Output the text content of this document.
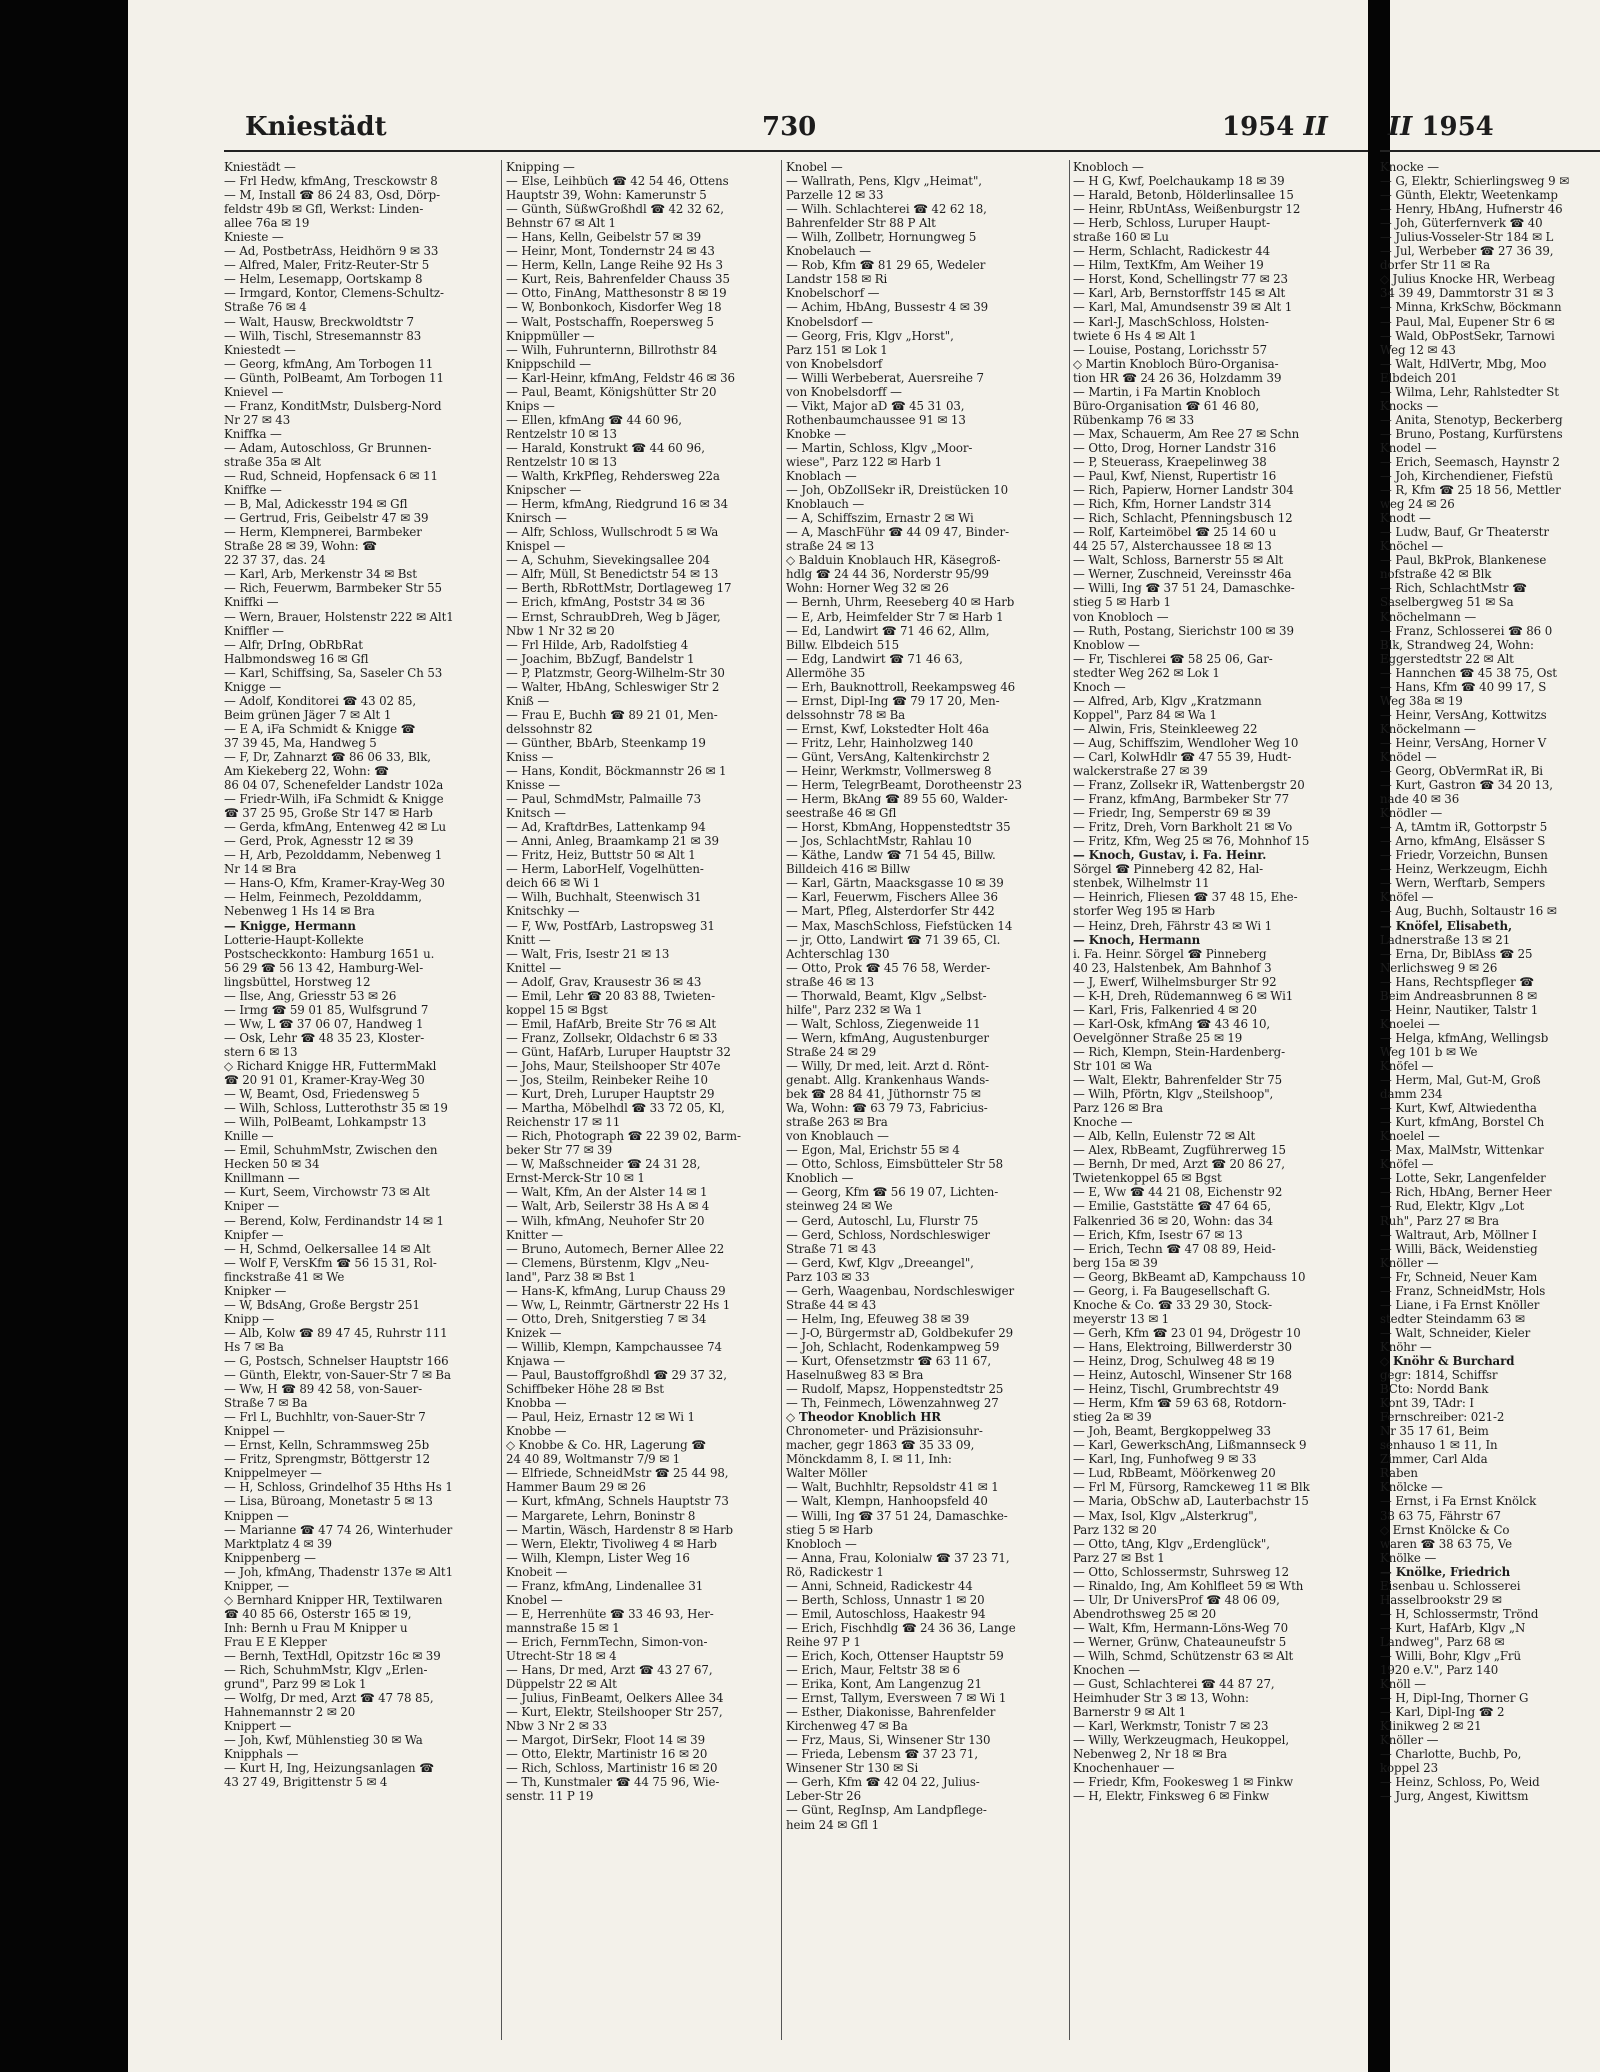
Kniestädt	730	1954 II II 1954
Kniestädt —
— Frl Hedw, kfmAng, Tresckowstr 8
— M, Install ☎ 86 24 83, Osd, Dörp-
feldstr 49b ✉ Gfl, Werkst: Linden-
allee 76a ✉ 19
Knieste —
— Ad, PostbetrAss, Heidhörn 9 ✉ 33
— Alfred, Maler, Fritz-Reuter-Str 5
— Helm, Lesemapp, Oortskamp 8
— Irmgard, Kontor, Clemens-Schultz-
Straße 76 ✉ 4
— Walt, Hausw, Breckwoldtstr 7
— Wilh, Tischl, Stresemannstr 83
Kniestedt —
— Georg, kfmAng, Am Torbogen 11
— Günth, PolBeamt, Am Torbogen 11
Knievel —
— Franz, KonditMstr, Dulsberg-Nord
Nr 27 ✉ 43
Kniffka —
— Adam, Autoschloss, Gr Brunnen-
straße 35a ✉ Alt
— Rud, Schneid, Hopfensack 6 ✉ 11
Kniffke —
— B, Mal, Adickesstr 194 ✉ Gfl
— Gertrud, Fris, Geibelstr 47 ✉ 39
— Herm, Klempnerei, Barmbeker
Straße 28 ✉ 39, Wohn: ☎
22 37 37, das. 24
— Karl, Arb, Merkenstr 34 ✉ Bst
— Rich, Feuerwm, Barmbeker Str 55
Kniffki —
— Wern, Brauer, Holstenstr 222 ✉ Alt1
Kniffler —
— Alfr, DrIng, ObRbRat
Halbmondsweg 16 ✉ Gfl
— Karl, Schiffsing, Sa, Saseler Ch 53
Knigge —
— Adolf, Konditorei ☎ 43 02 85,
Beim grünen Jäger 7 ✉ Alt 1
— E A, iFa Schmidt & Knigge ☎
37 39 45, Ma, Handweg 5
— F, Dr, Zahnarzt ☎ 86 06 33, Blk,
Am Kiekeberg 22, Wohn: ☎
86 04 07, Schenefelder Landstr 102a
— Friedr-Wilh, iFa Schmidt & Knigge
☎ 37 25 95, Große Str 147 ✉ Harb
— Gerda, kfmAng, Entenweg 42 ✉ Lu
— Gerd, Prok, Agnesstr 12 ✉ 39
— H, Arb, Pezolddamm, Nebenweg 1
Nr 14 ✉ Bra
— Hans-O, Kfm, Kramer-Kray-Weg 30
— Helm, Feinmech, Pezolddamm,
Nebenweg 1 Hs 14 ✉ Bra
— Knigge, Hermann
Lotterie-Haupt-Kollekte
Postscheckkonto: Hamburg 1651 u.
56 29 ☎ 56 13 42, Hamburg-Wel-
lingsbüttel, Horstweg 12
— Ilse, Ang, Griesstr 53 ✉ 26
— Irmg ☎ 59 01 85, Wulfsgrund 7
— Ww, L ☎ 37 06 07, Handweg 1
— Osk, Lehr ☎ 48 35 23, Kloster-
stern 6 ✉ 13
◇ Richard Knigge HR, FuttermMakl
☎ 20 91 01, Kramer-Kray-Weg 30
— W, Beamt, Osd, Friedensweg 5
— Wilh, Schloss, Lutterothstr 35 ✉ 19
— Wilh, PolBeamt, Lohkampstr 13
Knille —
— Emil, SchuhmMstr, Zwischen den
Hecken 50 ✉ 34
Knillmann —
— Kurt, Seem, Virchowstr 73 ✉ Alt
Kniper —
— Berend, Kolw, Ferdinandstr 14 ✉ 1
Knipfer —
— H, Schmd, Oelkersallee 14 ✉ Alt
— Wolf F, VersKfm ☎ 56 15 31, Rol-
finckstraße 41 ✉ We
Knipker —
— W, BdsAng, Große Bergstr 251
Knipp —
— Alb, Kolw ☎ 89 47 45, Ruhrstr 111
Hs 7 ✉ Ba
— G, Postsch, Schnelser Hauptstr 166
— Günth, Elektr, von-Sauer-Str 7 ✉ Ba
— Ww, H ☎ 89 42 58, von-Sauer-
Straße 7 ✉ Ba
— Frl L, Buchhltr, von-Sauer-Str 7
Knippel —
— Ernst, Kelln, Schrammsweg 25b
— Fritz, Sprengmstr, Böttgerstr 12
Knippelmeyer —
— H, Schloss, Grindelhof 35 Hths Hs 1
— Lisa, Büroang, Monetastr 5 ✉ 13
Knippen —
— Marianne ☎ 47 74 26, Winterhuder
Marktplatz 4 ✉ 39
Knippenberg —
— Joh, kfmAng, Thadenstr 137e ✉ Alt1
Knipper, —
◇ Bernhard Knipper HR, Textilwaren
☎ 40 85 66, Osterstr 165 ✉ 19,
Inh: Bernh u Frau M Knipper u
Frau E E Klepper
— Bernh, TextHdl, Opitzstr 16c ✉ 39
— Rich, SchuhmMstr, Klgv „Erlen-
grund", Parz 99 ✉ Lok 1
— Wolfg, Dr med, Arzt ☎ 47 78 85,
Hahnemannstr 2 ✉ 20
Knippert —
— Joh, Kwf, Mühlenstieg 30 ✉ Wa
Knipphals —
— Kurt H, Ing, Heizungsanlagen ☎
43 27 49, Brigittenstr 5 ✉ 4
Knipping —
— Else, Leihbüch ☎ 42 54 46, Ottens
Hauptstr 39, Wohn: Kamerunstr 5
— Günth, SüßwGroßhdl ☎ 42 32 62,
Behnstr 67 ✉ Alt 1
— Hans, Kelln, Geibelstr 57 ✉ 39
— Heinr, Mont, Tondernstr 24 ✉ 43
— Herm, Kelln, Lange Reihe 92 Hs 3
— Kurt, Reis, Bahrenfelder Chauss 35
— Otto, FinAng, Matthesonstr 8 ✉ 19
— W, Bonbonkoch, Kisdorfer Weg 18
— Walt, Postschaffn, Roepersweg 5
Knippmüller —
— Wilh, Fuhrunternn, Billrothstr 84
Knippschild —
— Karl-Heinr, kfmAng, Feldstr 46 ✉ 36
— Paul, Beamt, Königshütter Str 20
Knips —
— Ellen, kfmAng ☎ 44 60 96,
Rentzelstr 10 ✉ 13
— Harald, Konstrukt ☎ 44 60 96,
Rentzelstr 10 ✉ 13
— Walth, KrkPfleg, Rehdersweg 22a
Knipscher —
— Herm, kfmAng, Riedgrund 16 ✉ 34
Knirsch —
— Alfr, Schloss, Wullschrodt 5 ✉ Wa
Knispel —
— A, Schuhm, Sievekingsallee 204
— Alfr, Müll, St Benedictstr 54 ✉ 13
— Berth, RbRottMstr, Dortlageweg 17
— Erich, kfmAng, Poststr 34 ✉ 36
— Ernst, SchraubDreh, Weg b Jäger,
Nbw 1 Nr 32 ✉ 20
— Frl Hilde, Arb, Radolfstieg 4
— Joachim, BbZugf, Bandelstr 1
— P, Platzmstr, Georg-Wilhelm-Str 30
— Walter, HbAng, Schleswiger Str 2
Kniß —
— Frau E, Buchh ☎ 89 21 01, Men-
delssohnstr 82
— Günther, BbArb, Steenkamp 19
Kniss —
— Hans, Kondit, Böckmannstr 26 ✉ 1
Knisse —
— Paul, SchmdMstr, Palmaille 73
Knitsch —
— Ad, KraftdrBes, Lattenkamp 94
— Anni, Anleg, Braamkamp 21 ✉ 39
— Fritz, Heiz, Buttstr 50 ✉ Alt 1
— Herm, LaborHelf, Vogelhütten-
deich 66 ✉ Wi 1
— Wilh, Buchhalt, Steenwisch 31
Knitschky —
— F, Ww, PostfArb, Lastropsweg 31
Knitt —
— Walt, Fris, Isestr 21 ✉ 13
Knittel —
— Adolf, Grav, Krausestr 36 ✉ 43
— Emil, Lehr ☎ 20 83 88, Twieten-
koppel 15 ✉ Bgst
— Emil, HafArb, Breite Str 76 ✉ Alt
— Franz, Zollsekr, Oldachstr 6 ✉ 33
— Günt, HafArb, Luruper Hauptstr 32
— Johs, Maur, Steilshooper Str 407e
— Jos, Steilm, Reinbeker Reihe 10
— Kurt, Dreh, Luruper Hauptstr 29
— Martha, Möbelhdl ☎ 33 72 05, Kl,
Reichenstr 17 ✉ 11
— Rich, Photograph ☎ 22 39 02, Barm-
beker Str 77 ✉ 39
— W, Maßschneider ☎ 24 31 28,
Ernst-Merck-Str 10 ✉ 1
— Walt, Kfm, An der Alster 14 ✉ 1
— Walt, Arb, Seilerstr 38 Hs A ✉ 4
— Wilh, kfmAng, Neuhofer Str 20
Knitter —
— Bruno, Automech, Berner Allee 22
— Clemens, Bürstenm, Klgv „Neu-
land", Parz 38 ✉ Bst 1
— Hans-K, kfmAng, Lurup Chauss 29
— Ww, L, Reinmtr, Gärtnerstr 22 Hs 1
— Otto, Dreh, Snitgerstieg 7 ✉ 34
Knizek —
— Willib, Klempn, Kampchaussee 74
Knjawa —
— Paul, Baustoffgroßhdl ☎ 29 37 32,
Schiffbeker Höhe 28 ✉ Bst
Knobba —
— Paul, Heiz, Ernastr 12 ✉ Wi 1
Knobbe —
◇ Knobbe & Co. HR, Lagerung ☎
24 40 89, Woltmanstr 7/9 ✉ 1
— Elfriede, SchneidMstr ☎ 25 44 98,
Hammer Baum 29 ✉ 26
— Kurt, kfmAng, Schnels Hauptstr 73
— Margarete, Lehrn, Boninstr 8
— Martin, Wäsch, Hardenstr 8 ✉ Harb
— Wern, Elektr, Tivoliweg 4 ✉ Harb
— Wilh, Klempn, Lister Weg 16
Knobeit —
— Franz, kfmAng, Lindenallee 31
Knobel —
— E, Herrenhüte ☎ 33 46 93, Her-
mannstraße 15 ✉ 1
— Erich, FernmTechn, Simon-von-
Utrecht-Str 18 ✉ 4
— Hans, Dr med, Arzt ☎ 43 27 67,
Düppelstr 22 ✉ Alt
— Julius, FinBeamt, Oelkers Allee 34
— Kurt, Elektr, Steilshooper Str 257,
Nbw 3 Nr 2 ✉ 33
— Margot, DirSekr, Floot 14 ✉ 39
— Otto, Elektr, Martinistr 16 ✉ 20
— Rich, Schloss, Martinistr 16 ✉ 20
— Th, Kunstmaler ☎ 44 75 96, Wie-
senstr. 11 P 19
Knobel —
— Wallrath, Pens, Klgv „Heimat",
Parzelle 12 ✉ 33
— Wilh. Schlachterei ☎ 42 62 18,
Bahrenfelder Str 88 P Alt
— Wilh, Zollbetr, Hornungweg 5
Knobelauch —
— Rob, Kfm ☎ 81 29 65, Wedeler
Landstr 158 ✉ Ri
Knobelschorf —
— Achim, HbAng, Bussestr 4 ✉ 39
Knobelsdorf —
— Georg, Fris, Klgv „Horst",
Parz 151 ✉ Lok 1
von Knobelsdorf
— Willi Werbeberat, Auersreihe 7
von Knobelsdorff —
— Vikt, Major aD ☎ 45 31 03,
Rothenbaumchaussee 91 ✉ 13
Knobke —
— Martin, Schloss, Klgv „Moor-
wiese", Parz 122 ✉ Harb 1
Knoblach —
— Joh, ObZollSekr iR, Dreistücken 10
Knoblauch —
— A, Schiffszim, Ernastr 2 ✉ Wi
— A, MaschFühr ☎ 44 09 47, Binder-
straße 24 ✉ 13
◇ Balduin Knoblauch HR, Käsegroß-
hdlg ☎ 24 44 36, Norderstr 95/99
Wohn: Horner Weg 32 ✉ 26
— Bernh, Uhrm, Reeseberg 40 ✉ Harb
— E, Arb, Heimfelder Str 7 ✉ Harb 1
— Ed, Landwirt ☎ 71 46 62, Allm,
Billw. Elbdeich 515
— Edg, Landwirt ☎ 71 46 63,
Allermöhe 35
— Erh, Bauknottroll, Reekampsweg 46
— Ernst, Dipl-Ing ☎ 79 17 20, Men-
delssohnstr 78 ✉ Ba
— Ernst, Kwf, Lokstedter Holt 46a
— Fritz, Lehr, Hainholzweg 140
— Günt, VersAng, Kaltenkirchstr 2
— Heinr, Werkmstr, Vollmersweg 8
— Herm, TelegrBeamt, Dorotheenstr 23
— Herm, BkAng ☎ 89 55 60, Walder-
seestraße 46 ✉ Gfl
— Horst, KbmAng, Hoppenstedtstr 35
— Jos, SchlachtMstr, Rahlau 10
— Käthe, Landw ☎ 71 54 45, Billw.
Billdeich 416 ✉ Billw
— Karl, Gärtn, Maacksgasse 10 ✉ 39
— Karl, Feuerwm, Fischers Allee 36
— Mart, Pfleg, Alsterdorfer Str 442
— Max, MaschSchloss, Fiefstücken 14
— jr, Otto, Landwirt ☎ 71 39 65, Cl.
Achterschlag 130
— Otto, Prok ☎ 45 76 58, Werder-
straße 46 ✉ 13
— Thorwald, Beamt, Klgv „Selbst-
hilfe", Parz 232 ✉ Wa 1
— Walt, Schloss, Ziegenweide 11
— Wern, kfmAng, Augustenburger
Straße 24 ✉ 29
— Willy, Dr med, leit. Arzt d. Rönt-
genabt. Allg. Krankenhaus Wands-
bek ☎ 28 84 41, Jüthornstr 75 ✉
Wa, Wohn: ☎ 63 79 73, Fabricius-
straße 263 ✉ Bra
von Knoblauch —
— Egon, Mal, Erichstr 55 ✉ 4
— Otto, Schloss, Eimsbütteler Str 58
Knoblich —
— Georg, Kfm ☎ 56 19 07, Lichten-
steinweg 24 ✉ We
— Gerd, Autoschl, Lu, Flurstr 75
— Gerd, Schloss, Nordschleswiger
Straße 71 ✉ 43
— Gerd, Kwf, Klgv „Dreeangel",
Parz 103 ✉ 33
— Gerh, Waagenbau, Nordschleswiger
Straße 44 ✉ 43
— Helm, Ing, Efeuweg 38 ✉ 39
— J-O, Bürgermstr aD, Goldbekufer 29
— Joh, Schlacht, Rodenkampweg 59
— Kurt, Ofensetzmstr ☎ 63 11 67,
Haselnußweg 83 ✉ Bra
— Rudolf, Mapsz, Hoppenstedtstr 25
— Th, Feinmech, Löwenzahnweg 27
◇ Theodor Knoblich HR
Chronometer- und Präzisionsuhr-
macher, gegr 1863 ☎ 35 33 09,
Mönckdamm 8, I. ✉ 11, Inh:
Walter Möller
— Walt, Buchhltr, Repsoldstr 41 ✉ 1
— Walt, Klempn, Hanhoopsfeld 40
— Willi, Ing ☎ 37 51 24, Damaschke-
stieg 5 ✉ Harb
Knobloch —
— Anna, Frau, Kolonialw ☎ 37 23 71,
Rö, Radickestr 1
— Anni, Schneid, Radickestr 44
— Berth, Schloss, Unnastr 1 ✉ 20
— Emil, Autoschloss, Haakestr 94
— Erich, Fischhdlg ☎ 24 36 36, Lange
Reihe 97 P 1
— Erich, Koch, Ottenser Hauptstr 59
— Erich, Maur, Feltstr 38 ✉ 6
— Erika, Kont, Am Langenzug 21
— Ernst, Tallym, Eversween 7 ✉ Wi 1
— Esther, Diakonisse, Bahrenfelder
Kirchenweg 47 ✉ Ba
— Frz, Maus, Si, Winsener Str 130
— Frieda, Lebensm ☎ 37 23 71,
Winsener Str 130 ✉ Si
— Gerh, Kfm ☎ 42 04 22, Julius-
Leber-Str 26
— Günt, RegInsp, Am Landpflege-
heim 24 ✉ Gfl 1
Knobloch —
— H G, Kwf, Poelchaukamp 18 ✉ 39
— Harald, Betonb, Hölderlinsallee 15
— Heinr, RbUntAss, Weißenburgstr 12
— Herb, Schloss, Luruper Haupt-
straße 160 ✉ Lu
— Herm, Schlacht, Radickestr 44
— Hilm, TextKfm, Am Weiher 19
— Horst, Kond, Schellingstr 77 ✉ 23
— Karl, Arb, Bernstorffstr 145 ✉ Alt
— Karl, Mal, Amundsenstr 39 ✉ Alt 1
— Karl-J, MaschSchloss, Holsten-
twiete 6 Hs 4 ✉ Alt 1
— Louise, Postang, Lorichsstr 57
◇ Martin Knobloch Büro-Organisa-
tion HR ☎ 24 26 36, Holzdamm 39
— Martin, i Fa Martin Knobloch
Büro-Organisation ☎ 61 46 80,
Rübenkamp 76 ✉ 33
— Max, Schauerm, Am Ree 27 ✉ Schn
— Otto, Drog, Horner Landstr 316
— P, Steuerass, Kraepelinweg 38
— Paul, Kwf, Nienst, Rupertistr 16
— Rich, Papierw, Horner Landstr 304
— Rich, Kfm, Horner Landstr 314
— Rich, Schlacht, Pfenningsbusch 12
— Rolf, Karteimöbel ☎ 25 14 60 u
44 25 57, Alsterchaussee 18 ✉ 13
— Walt, Schloss, Barnerstr 55 ✉ Alt
— Werner, Zuschneid, Vereinsstr 46a
— Willi, Ing ☎ 37 51 24, Damaschke-
stieg 5 ✉ Harb 1
von Knobloch —
— Ruth, Postang, Sierichstr 100 ✉ 39
Knoblow —
— Fr, Tischlerei ☎ 58 25 06, Gar-
stedter Weg 262 ✉ Lok 1
Knoch —
— Alfred, Arb, Klgv „Kratzmann
Koppel", Parz 84 ✉ Wa 1
— Alwin, Fris, Steinkleeweg 22
— Aug, Schiffszim, Wendloher Weg 10
— Carl, KolwHdlr ☎ 47 55 39, Hudt-
walckerstraße 27 ✉ 39
— Franz, Zollsekr iR, Wattenbergstr 20
— Franz, kfmAng, Barmbeker Str 77
— Friedr, Ing, Semperstr 69 ✉ 39
— Fritz, Dreh, Vorn Barkholt 21 ✉ Vo
— Fritz, Kfm, Weg 25 ✉ 76, Mohnhof 15
— Knoch, Gustav, i. Fa. Heinr.
Sörgel ☎ Pinneberg 42 82, Hal-
stenbek, Wilhelmstr 11
— Heinrich, Fliesen ☎ 37 48 15, Ehe-
storfer Weg 195 ✉ Harb
— Heinz, Dreh, Fährstr 43 ✉ Wi 1
— Knoch, Hermann
i. Fa. Heinr. Sörgel ☎ Pinneberg
40 23, Halstenbek, Am Bahnhof 3
— J, Ewerf, Wilhelmsburger Str 92
— K-H, Dreh, Rüdemannweg 6 ✉ Wi1
— Karl, Fris, Falkenried 4 ✉ 20
— Karl-Osk, kfmAng ☎ 43 46 10,
Oevelgönner Straße 25 ✉ 19
— Rich, Klempn, Stein-Hardenberg-
Str 101 ✉ Wa
— Walt, Elektr, Bahrenfelder Str 75
— Wilh, Pförtn, Klgv „Steilshoop",
Parz 126 ✉ Bra
Knoche —
— Alb, Kelln, Eulenstr 72 ✉ Alt
— Alex, RbBeamt, Zugführerweg 15
— Bernh, Dr med, Arzt ☎ 20 86 27,
Twietenkoppel 65 ✉ Bgst
— E, Ww ☎ 44 21 08, Eichenstr 92
— Emilie, Gaststätte ☎ 47 64 65,
Falkenried 36 ✉ 20, Wohn: das 34
— Erich, Kfm, Isestr 67 ✉ 13
— Erich, Techn ☎ 47 08 89, Heid-
berg 15a ✉ 39
— Georg, BkBeamt aD, Kampchauss 10
— Georg, i. Fa Baugesellschaft G.
Knoche & Co. ☎ 33 29 30, Stock-
meyerstr 13 ✉ 1
— Gerh, Kfm ☎ 23 01 94, Drögestr 10
— Hans, Elektroing, Billwerderstr 30
— Heinz, Drog, Schulweg 48 ✉ 19
— Heinz, Autoschl, Winsener Str 168
— Heinz, Tischl, Grumbrechtstr 49
— Herm, Kfm ☎ 59 63 68, Rotdorn-
stieg 2a ✉ 39
— Joh, Beamt, Bergkoppelweg 33
— Karl, GewerkschAng, Lißmannseck 9
— Karl, Ing, Funhofweg 9 ✉ 33
— Lud, RbBeamt, Möörkenweg 20
— Frl M, Fürsorg, Ramckeweg 11 ✉ Blk
— Maria, ObSchw aD, Lauterbachstr 15
— Max, Isol, Klgv „Alsterkrug",
Parz 132 ✉ 20
— Otto, tAng, Klgv „Erdenglück",
Parz 27 ✉ Bst 1
— Otto, Schlossermstr, Suhrsweg 12
— Rinaldo, Ing, Am Kohlfleet 59 ✉ Wth
— Ulr, Dr UniversProf ☎ 48 06 09,
Abendrothsweg 25 ✉ 20
— Walt, Kfm, Hermann-Löns-Weg 70
— Werner, Grünw, Chateauneufstr 5
— Wilh, Schmd, Schützenstr 63 ✉ Alt
Knochen —
— Gust, Schlachterei ☎ 44 87 27,
Heimhuder Str 3 ✉ 13, Wohn:
Barnerstr 9 ✉ Alt 1
— Karl, Werkmstr, Tonistr 7 ✉ 23
— Willy, Werkzeugmach, Heukoppel,
Nebenweg 2, Nr 18 ✉ Bra
Knochenhauer —
— Friedr, Kfm, Fookesweg 1 ✉ Finkw
— H, Elektr, Finksweg 6 ✉ Finkw
Knocke —
— G, Elektr, Schierlingsweg 9 ✉
— Günth, Elektr, Weetenkamp
— Henry, HbAng, Hufnerstr 46
— Joh, Güterfernverk ☎ 40
— Julius-Vosseler-Str 184 ✉ L
— Jul, Werbeber ☎ 27 36 39,
dorfer Str 11 ✉ Ra
◇ Julius Knocke HR, Werbeag
34 39 49, Dammtorstr 31 ✉ 3
— Minna, KrkSchw, Böckmann
— Paul, Mal, Eupener Str 6 ✉
— Wald, ObPostSekr, Tarnowi
Weg 12 ✉ 43
— Walt, HdlVertr, Mbg, Moo
Elbdeich 201
— Wilma, Lehr, Rahlstedter St
Knocks —
— Anita, Stenotyp, Beckerberg
— Bruno, Postang, Kurfürstens
Knodel —
— Erich, Seemasch, Haynstr 2
— Joh, Kirchendiener, Fiefstü
— R, Kfm ☎ 25 18 56, Mettler
weg 24 ✉ 26
Knodt —
— Ludw, Bauf, Gr Theaterstr
Knöchel —
— Paul, BkProk, Blankenese
nofstraße 42 ✉ Blk
— Rich, SchlachtMstr ☎
Saselbergweg 51 ✉ Sa
Knöchelmann —
— Franz, Schlosserei ☎ 86 0
Blk, Strandweg 24, Wohn:
Eggerstedtstr 22 ✉ Alt
— Hannchen ☎ 45 38 75, Ost
— Hans, Kfm ☎ 40 99 17, S
Weg 38a ✉ 19
— Heinr, VersAng, Kottwitzs
Knöckelmann —
— Heinr, VersAng, Horner V
Knödel —
— Georg, ObVermRat iR, Bi
— Kurt, Gastron ☎ 34 20 13,
nade 40 ✉ 36
Knödler —
— A, tAmtm iR, Gottorpstr 5
— Arno, kfmAng, Elsässer S
— Friedr, Vorzeichn, Bunsen
— Heinz, Werkzeugm, Eichh
— Wern, Werftarb, Sempers
Knöfel —
— Aug, Buchh, Soltaustr 16 ✉
— Knöfel, Elisabeth,
Ladnerstraße 13 ✉ 21
— Erna, Dr, BiblAss ☎ 25
Nerlichsweg 9 ✉ 26
— Hans, Rechtspfleger ☎
Beim Andreasbrunnen 8 ✉
— Heinr, Nautiker, Talstr 1
Knoelei —
— Helga, kfmAng, Wellingsb
Weg 101 b ✉ We
Knöfel —
— Herm, Mal, Gut-M, Groß
damm 234
— Kurt, Kwf, Altwiedentha
— Kurt, kfmAng, Borstel Ch
Knoelel —
— Max, MalMstr, Wittenkar
Knöfel —
— Lotte, Sekr, Langenfelder
— Rich, HbAng, Berner Heer
— Rud, Elektr, Klgv „Lot
Ruh", Parz 27 ✉ Bra
— Waltraut, Arb, Möllner I
— Willi, Bäck, Weidenstieg
Knöller —
— Fr, Schneid, Neuer Kam
— Franz, SchneidMstr, Hols
— Liane, i Fa Ernst Knöller
stedter Steindamm 63 ✉
— Walt, Schneider, Kieler
Knöhr —
◇ Knöhr & Burchard
gegr: 1814, Schiffsr
BCto: Nordd Bank
Kont 39, TAdr: I
Fernschreiber: 021-2
Nr 35 17 61, Beim
senhauso 1 ✉ 11, In
Zimmer, Carl Alda
Raben
Knölcke —
— Ernst, i Fa Ernst Knölck
38 63 75, Fährstr 67
◇ Ernst Knölcke & Co
waren ☎ 38 63 75, Ve
Knölke —
— Knölke, Friedrich
Eisenbau u. Schlosserei
Hasselbrookstr 29 ✉
— H, Schlossermstr, Trönd
— Kurt, HafArb, Klgv „N
Landweg", Parz 68 ✉
— Willi, Bohr, Klgv „Frü
1920 e.V.", Parz 140
Knöll —
— H, Dipl-Ing, Thorner G
— Karl, Dipl-Ing ☎ 2
Klinikweg 2 ✉ 21
Knöller —
— Charlotte, Buchb, Po,
koppel 23
— Heinz, Schloss, Po, Weid
— Jurg, Angest, Kiwittsm
